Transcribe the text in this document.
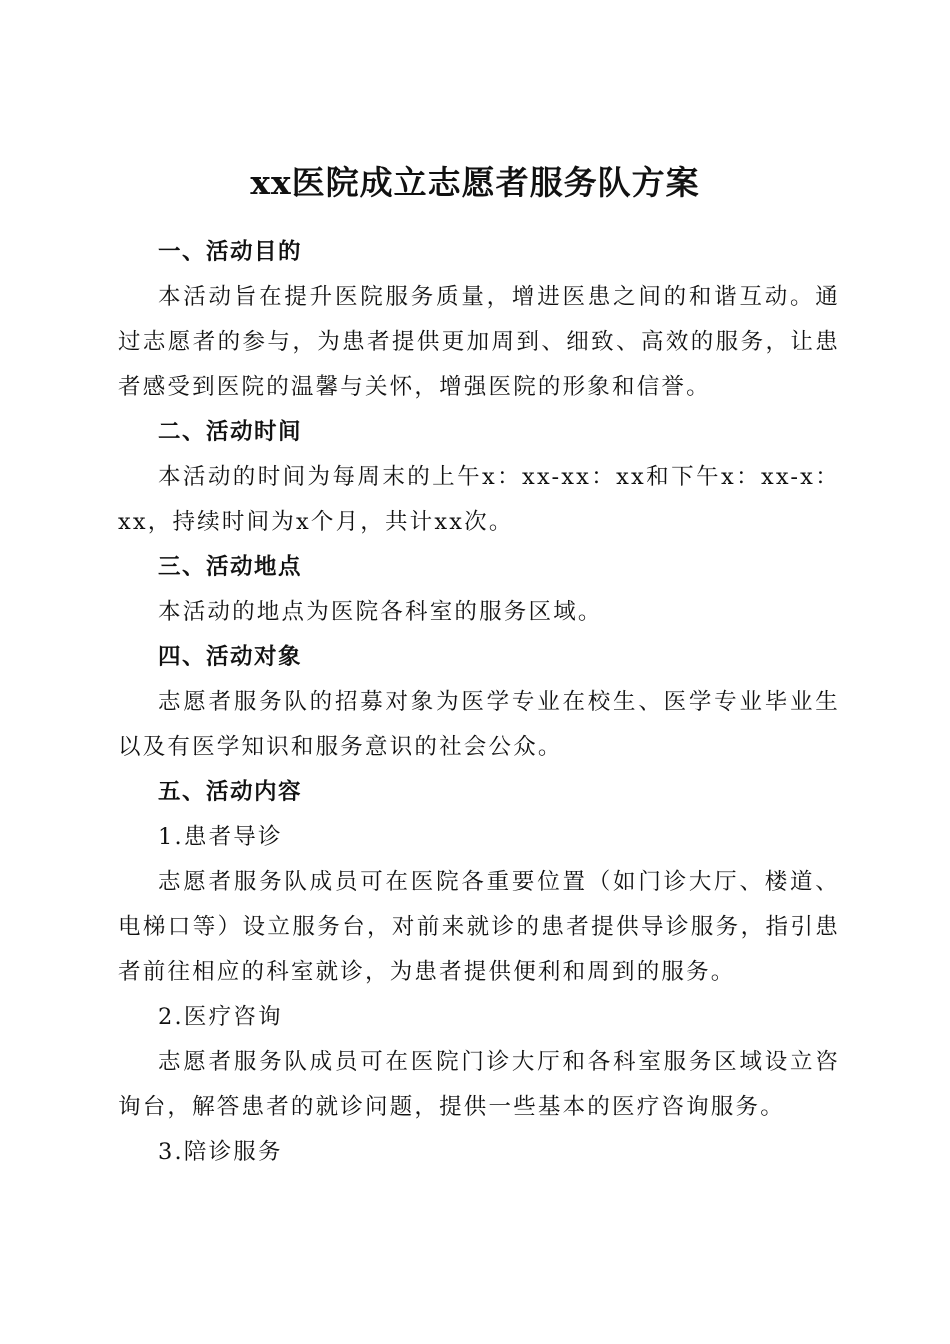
xx医院成立志愿者服务队方案

一、活动目的

本活动旨在提升医院服务质量，增进医患之间的和谐互动。通过志愿者的参与，为患者提供更加周到、细致、高效的服务，让患者感受到医院的温馨与关怀，增强医院的形象和信誉。

二、活动时间

本活动的时间为每周末的上午x：xx-xx：xx和下午x：xx-x：xx，持续时间为x个月，共计xx次。

三、活动地点

本活动的地点为医院各科室的服务区域。

四、活动对象

志愿者服务队的招募对象为医学专业在校生、医学专业毕业生以及有医学知识和服务意识的社会公众。

五、活动内容

1.患者导诊

志愿者服务队成员可在医院各重要位置（如门诊大厅、楼道、电梯口等）设立服务台，对前来就诊的患者提供导诊服务，指引患者前往相应的科室就诊，为患者提供便利和周到的服务。

2.医疗咨询

志愿者服务队成员可在医院门诊大厅和各科室服务区域设立咨询台，解答患者的就诊问题，提供一些基本的医疗咨询服务。

3.陪诊服务
